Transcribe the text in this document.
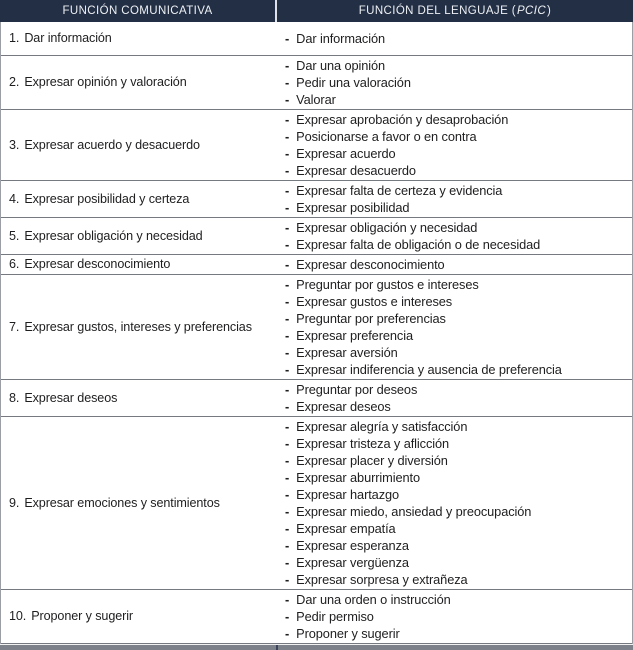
FUNCIÓN COMUNICATIVA	FUNCIÓN DEL LENGUAJE ( PCIC )
1. Dar información	- Dar información
2. Expresar opinión y valoración
- Dar una opinión
- Pedir una valoración
- Valorar
3. Expresar acuerdo y desacuerdo
- Expresar aprobación y desaprobación
- Posicionarse a favor o en contra
- Expresar acuerdo
- Expresar desacuerdo
4. Expresar posibilidad y certeza
- Expresar falta de certeza y evidencia
- Expresar posibilidad
5. Expresar obligación y necesidad
- Expresar obligación y necesidad
- Expresar falta de obligación o de necesidad
6. Expresar desconocimiento	- Expresar desconocimiento
7. Expresar gustos, intereses y preferencias
- Preguntar por gustos e intereses
- Expresar gustos e intereses
- Preguntar por preferencias
- Expresar preferencia
- Expresar aversión
- Expresar indiferencia y ausencia de preferencia
8. Expresar deseos
- Preguntar por deseos
- Expresar deseos
9. Expresar emociones y sentimientos
- Expresar alegría y satisfacción
- Expresar tristeza y aflicción
- Expresar placer y diversión
- Expresar aburrimiento
- Expresar hartazgo
- Expresar miedo, ansiedad y preocupación
- Expresar empatía
- Expresar esperanza
- Expresar vergüenza
- Expresar sorpresa y extrañeza
10. Proponer y sugerir
- Dar una orden o instrucción
- Pedir permiso
- Proponer y sugerir
